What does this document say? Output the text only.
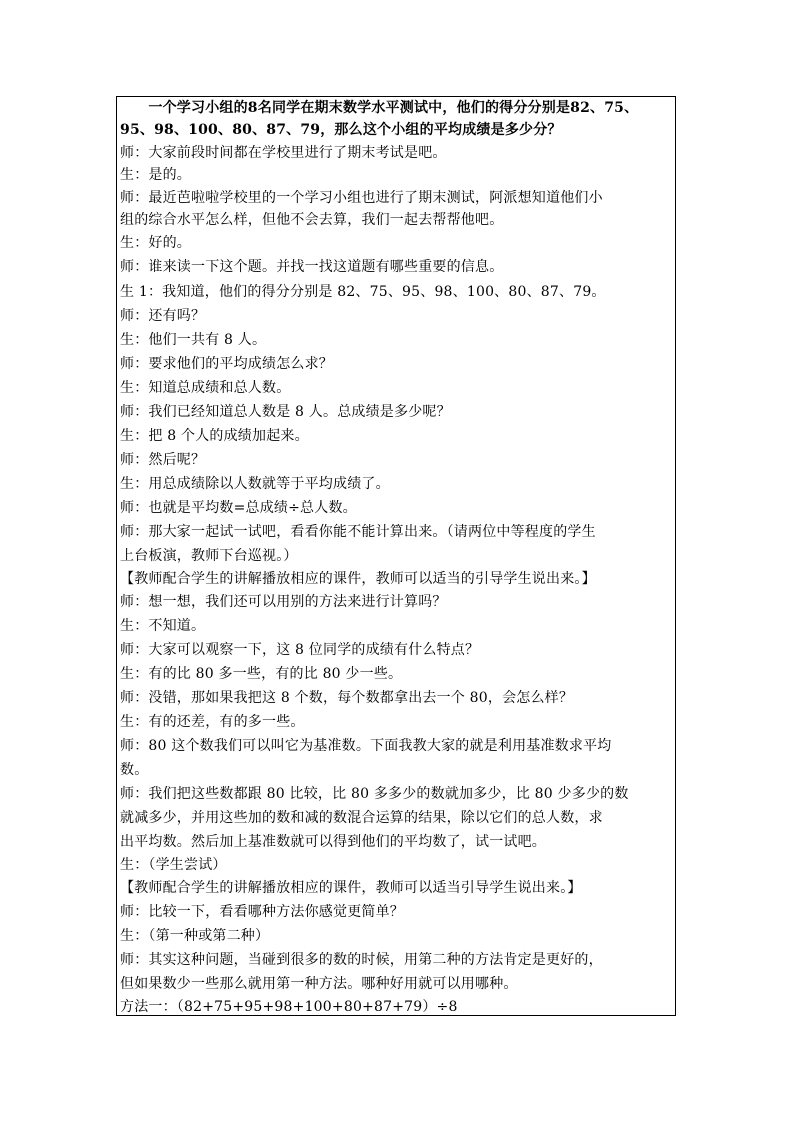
　　一个学习小组的8名同学在期末数学水平测试中，他们的得分分别是82、75、
95、98、100、80、87、79，那么这个小组的平均成绩是多少分？
师：大家前段时间都在学校里进行了期末考试是吧。
生：是的。
师：最近芭啦啦学校里的一个学习小组也进行了期末测试，阿派想知道他们小
组的综合水平怎么样，但他不会去算，我们一起去帮帮他吧。
生：好的。
师：谁来读一下这个题。并找一找这道题有哪些重要的信息。
生 1：我知道，他们的得分分别是 82、75、95、98、100、80、87、79。
师：还有吗？
生：他们一共有 8 人。
师：要求他们的平均成绩怎么求？
生：知道总成绩和总人数。
师：我们已经知道总人数是 8 人。总成绩是多少呢？
生：把 8 个人的成绩加起来。
师：然后呢？
生：用总成绩除以人数就等于平均成绩了。
师：也就是平均数=总成绩÷总人数。
师：那大家一起试一试吧，看看你能不能计算出来。（请两位中等程度的学生
上台板演，教师下台巡视。）
【教师配合学生的讲解播放相应的课件，教师可以适当的引导学生说出来。】
师：想一想，我们还可以用别的方法来进行计算吗？
生：不知道。
师：大家可以观察一下，这 8 位同学的成绩有什么特点？
生：有的比 80 多一些，有的比 80 少一些。
师：没错，那如果我把这 8 个数，每个数都拿出去一个 80，会怎么样？
生：有的还差，有的多一些。
师：80 这个数我们可以叫它为基准数。下面我教大家的就是利用基准数求平均
数。
师：我们把这些数都跟 80 比较，比 80 多多少的数就加多少，比 80 少多少的数
就减多少，并用这些加的数和减的数混合运算的结果，除以它们的总人数，求
出平均数。然后加上基准数就可以得到他们的平均数了，试一试吧。
生：（学生尝试）
【教师配合学生的讲解播放相应的课件，教师可以适当引导学生说出来。】
师：比较一下，看看哪种方法你感觉更简单？
生：（第一种或第二种）
师：其实这种问题，当碰到很多的数的时候，用第二种的方法肯定是更好的，
但如果数少一些那么就用第一种方法。哪种好用就可以用哪种。
方法一：（82+75+95+98+100+80+87+79）÷8
